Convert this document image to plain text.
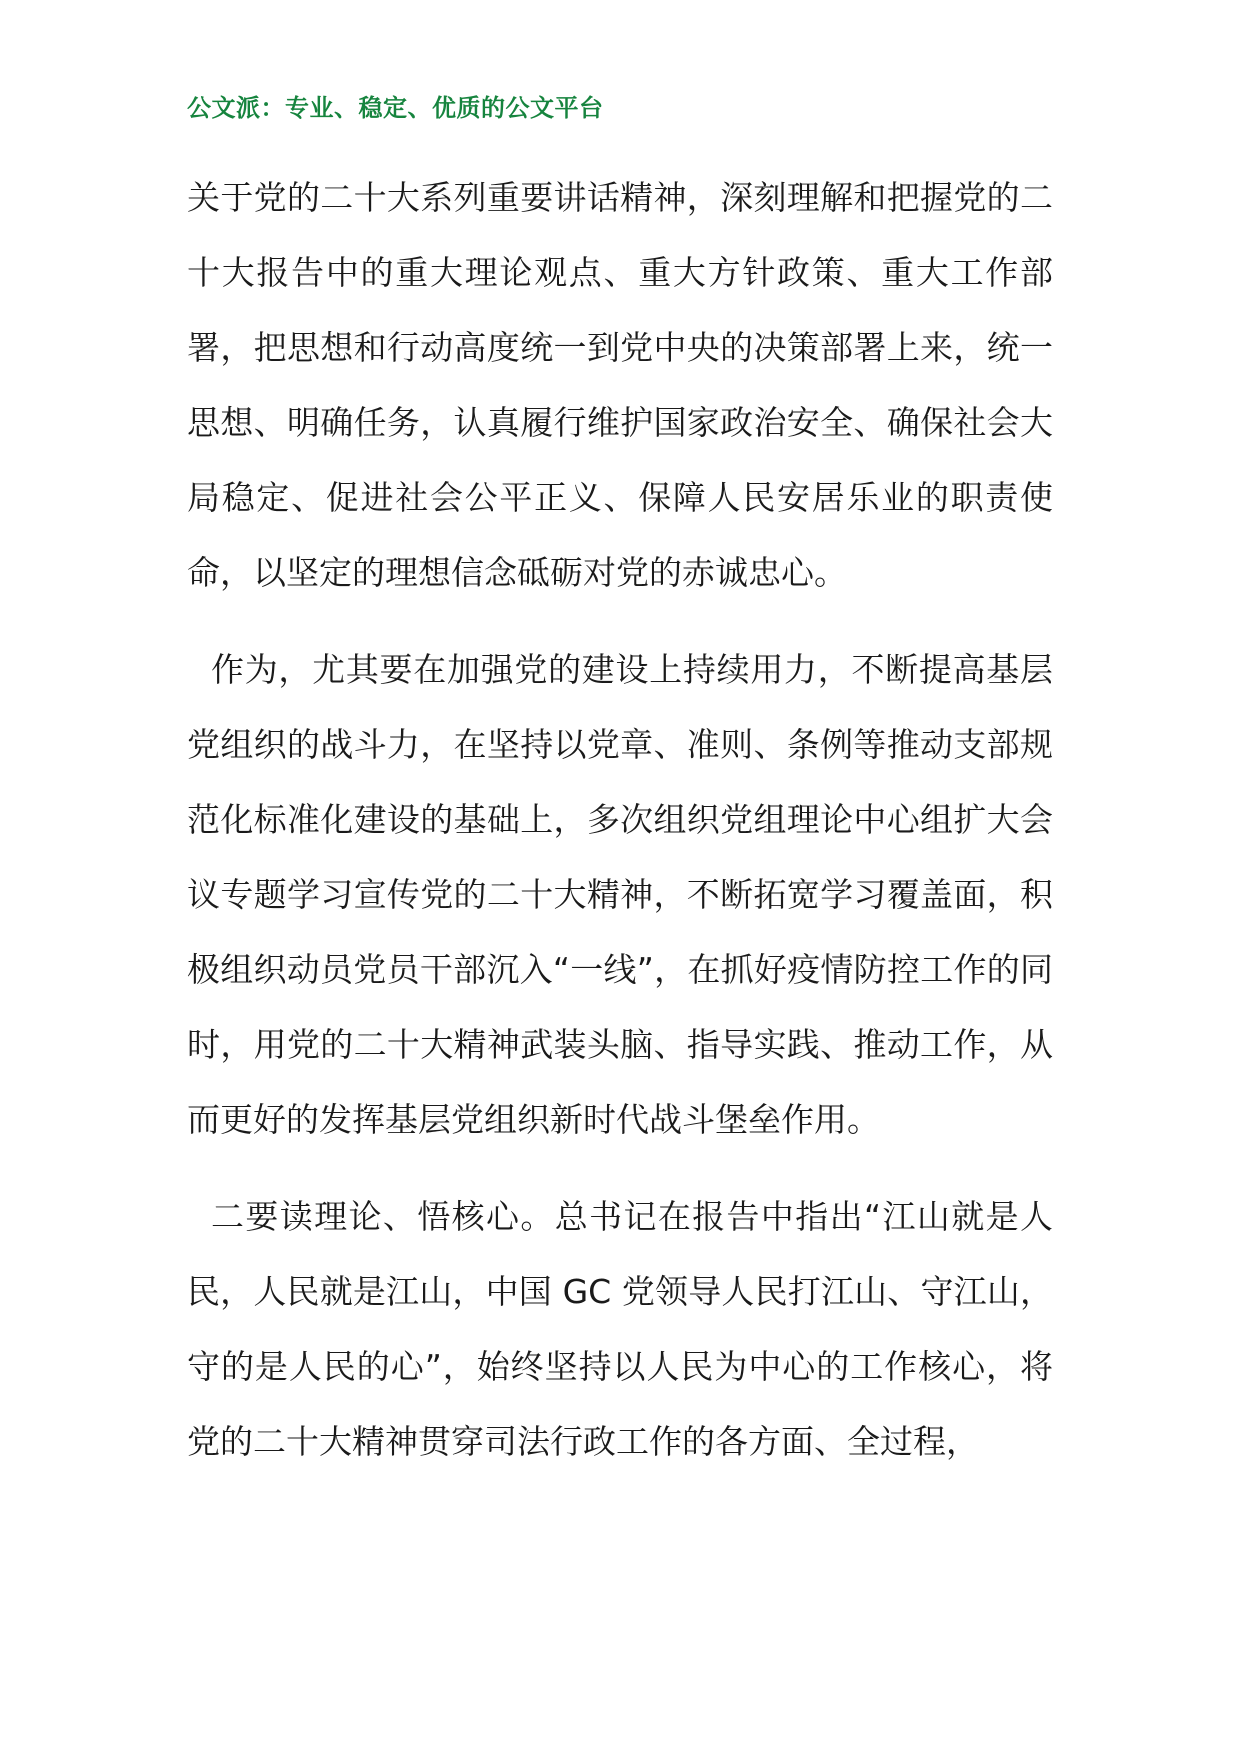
公文派：专业、稳定、优质的公文平台

关于党的二十大系列重要讲话精神，深刻理解和把握党的二十大报告中的重大理论观点、重大方针政策、重大工作部署，把思想和行动高度统一到党中央的决策部署上来，统一思想、明确任务，认真履行维护国家政治安全、确保社会大局稳定、促进社会公平正义、保障人民安居乐业的职责使命，以坚定的理想信念砥砺对党的赤诚忠心。

作为，尤其要在加强党的建设上持续用力，不断提高基层党组织的战斗力，在坚持以党章、准则、条例等推动支部规范化标准化建设的基础上，多次组织党组理论中心组扩大会议专题学习宣传党的二十大精神，不断拓宽学习覆盖面，积极组织动员党员干部沉入“一线”，在抓好疫情防控工作的同时，用党的二十大精神武装头脑、指导实践、推动工作，从而更好的发挥基层党组织新时代战斗堡垒作用。

二要读理论、悟核心。总书记在报告中指出“江山就是人民，人民就是江山，中国 GC 党领导人民打江山、守江山，守的是人民的心”，始终坚持以人民为中心的工作核心，将党的二十大精神贯穿司法行政工作的各方面、全过程，
